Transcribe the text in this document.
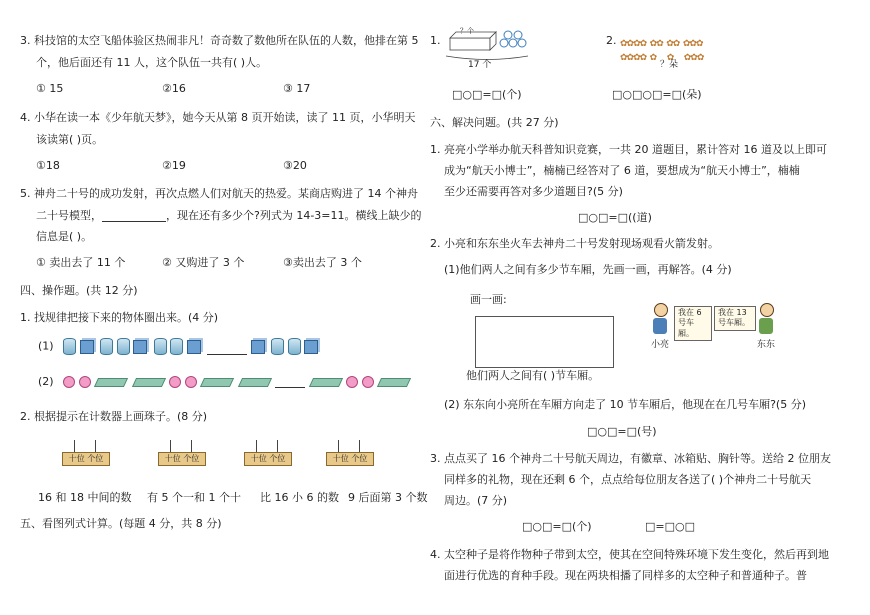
3. 科技馆的太空飞船体验区热闹非凡！奇奇数了数他所在队伍的人数，他排在第 5
个，他后面还有 11 人，这个队伍一共有( )人。
① 15	②16	③ 17
4. 小华在读一本《少年航天梦》，她今天从第 8 页开始读，读了 11 页，小华明天
该读第( )页。
①18	②19	③20
5. 神舟二十号的成功发射，再次点燃人们对航天的热爱。某商店购进了 14 个神舟
二十号模型，	，现在还有多少个?列式为 14-3=11。横线上缺少的
信息是( )。
① 卖出去了 11 个	② 又购进了 3 个	③卖出去了 3 个
四、操作题。(共 12 分)
1. 找规律把接下来的物体圈出来。(4 分)
(1)
(2)
2. 根据提示在计数器上画珠子。(8 分)
十位 个位	十位 个位	十位 个位	十位 个位
16 和 18 中间的数 有 5 个一和 1 个十 比 16 小 6 的数 9 后面第 3 个数
五、看图列式计算。(每题 4 分，共 8 分)
1.
？个
17 个
2. ✿✿✿✿ ✿✿ ✿✿ ✿✿✿
✿✿✿✿ ✿ ✿ ✿✿✿
？朵
□○□=□(个)	□○□○□=□(朵)
六、解决问题。(共 27 分)
1. 亮亮小学举办航天科普知识竞赛，一共 20 道题目，累计答对 16 道及以上即可
成为“航天小博士”，楠楠已经答对了 6 道，要想成为“航天小博士”，楠楠
至少还需要再答对多少道题目?(5 分)
□○□=□((道)
2. 小亮和东东坐火车去神舟二十号发射现场观看火箭发射。
(1)他们两人之间有多少节车厢，先画一画，再解答。(4 分)
画一画:
我在 6 号车厢。
我在 13 号车厢。
小亮	东东
他们两人之间有( )节车厢。
(2) 东东向小亮所在车厢方向走了 10 节车厢后，他现在在几号车厢?(5 分)
□○□=□(号)
3. 点点买了 16 个神舟二十号航天周边，有徽章、冰箱贴、胸针等。送给 2 位朋友
同样多的礼物，现在还剩 6 个，点点给每位朋友各送了( )个神舟二十号航天
周边。(7 分)
□○□=□(个)	□=□○□
4. 太空种子是将作物种子带到太空，使其在空间特殊环境下发生变化，然后再到地
面进行优选的育种手段。现在两块相播了同样多的太空种子和普通种子。普
